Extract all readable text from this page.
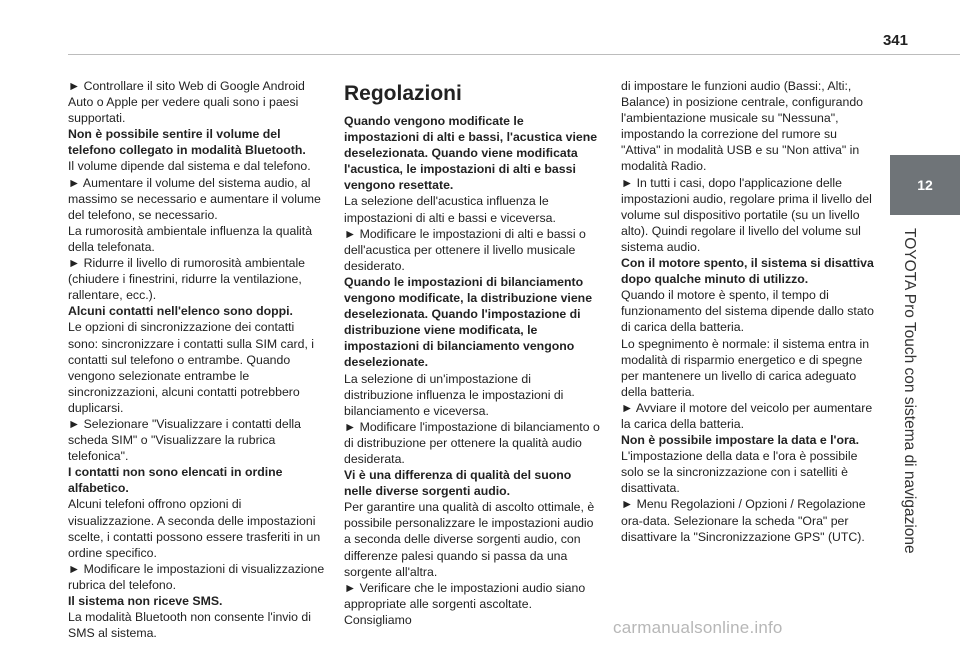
341
12
TOYOTA Pro Touch con sistema di navigazione

► Controllare il sito Web di Google Android Auto o Apple per vedere quali sono i paesi supportati.

Non è possibile sentire il volume del telefono collegato in modalità Bluetooth.

Il volume dipende dal sistema e dal telefono.

► Aumentare il volume del sistema audio, al massimo se necessario e aumentare il volume del telefono, se necessario.

La rumorosità ambientale influenza la qualità della telefonata.

► Ridurre il livello di rumorosità ambientale (chiudere i finestrini, ridurre la ventilazione, rallentare, ecc.).

Alcuni contatti nell'elenco sono doppi.

Le opzioni di sincronizzazione dei contatti sono: sincronizzare i contatti sulla SIM card, i contatti sul telefono o entrambe. Quando vengono selezionate entrambe le sincronizzazioni, alcuni contatti potrebbero duplicarsi.

► Selezionare "Visualizzare i contatti della scheda SIM" o "Visualizzare la rubrica telefonica".

I contatti non sono elencati in ordine alfabetico.

Alcuni telefoni offrono opzioni di visualizzazione. A seconda delle impostazioni scelte, i contatti possono essere trasferiti in un ordine specifico.

► Modificare le impostazioni di visualizzazione rubrica del telefono.

Il sistema non riceve SMS.

La modalità Bluetooth non consente l'invio di SMS al sistema.

Regolazioni

Quando vengono modificate le impostazioni di alti e bassi, l'acustica viene deselezionata. Quando viene modificata l'acustica, le impostazioni di alti e bassi vengono resettate.

La selezione dell'acustica influenza le impostazioni di alti e bassi e viceversa.

► Modificare le impostazioni di alti e bassi o dell'acustica per ottenere il livello musicale desiderato.

Quando le impostazioni di bilanciamento vengono modificate, la distribuzione viene deselezionata. Quando l'impostazione di distribuzione viene modificata, le impostazioni di bilanciamento vengono deselezionate.

La selezione di un'impostazione di distribuzione influenza le impostazioni di bilanciamento e viceversa.

► Modificare l'impostazione di bilanciamento o di distribuzione per ottenere la qualità audio desiderata.

Vi è una differenza di qualità del suono nelle diverse sorgenti audio.

Per garantire una qualità di ascolto ottimale, è possibile personalizzare le impostazioni audio a seconda delle diverse sorgenti audio, con differenze palesi quando si passa da una sorgente all'altra.

► Verificare che le impostazioni audio siano appropriate alle sorgenti ascoltate. Consigliamo

di impostare le funzioni audio (Bassi:, Alti:, Balance) in posizione centrale, configurando l'ambientazione musicale su "Nessuna", impostando la correzione del rumore su "Attiva" in modalità USB e su "Non attiva" in modalità Radio.

► In tutti i casi, dopo l'applicazione delle impostazioni audio, regolare prima il livello del volume sul dispositivo portatile (su un livello alto). Quindi regolare il livello del volume sul sistema audio.

Con il motore spento, il sistema si disattiva dopo qualche minuto di utilizzo.

Quando il motore è spento, il tempo di funzionamento del sistema dipende dallo stato di carica della batteria.

Lo spegnimento è normale: il sistema entra in modalità di risparmio energetico e di spegne per mantenere un livello di carica adeguato della batteria.

► Avviare il motore del veicolo per aumentare la carica della batteria.

Non è possibile impostare la data e l'ora.

L'impostazione della data e l'ora è possibile solo se la sincronizzazione con i satelliti è disattivata.

► Menu Regolazioni / Opzioni / Regolazione ora-data. Selezionare la scheda "Ora" per disattivare la "Sincronizzazione GPS" (UTC).

carmanualsonline.info
